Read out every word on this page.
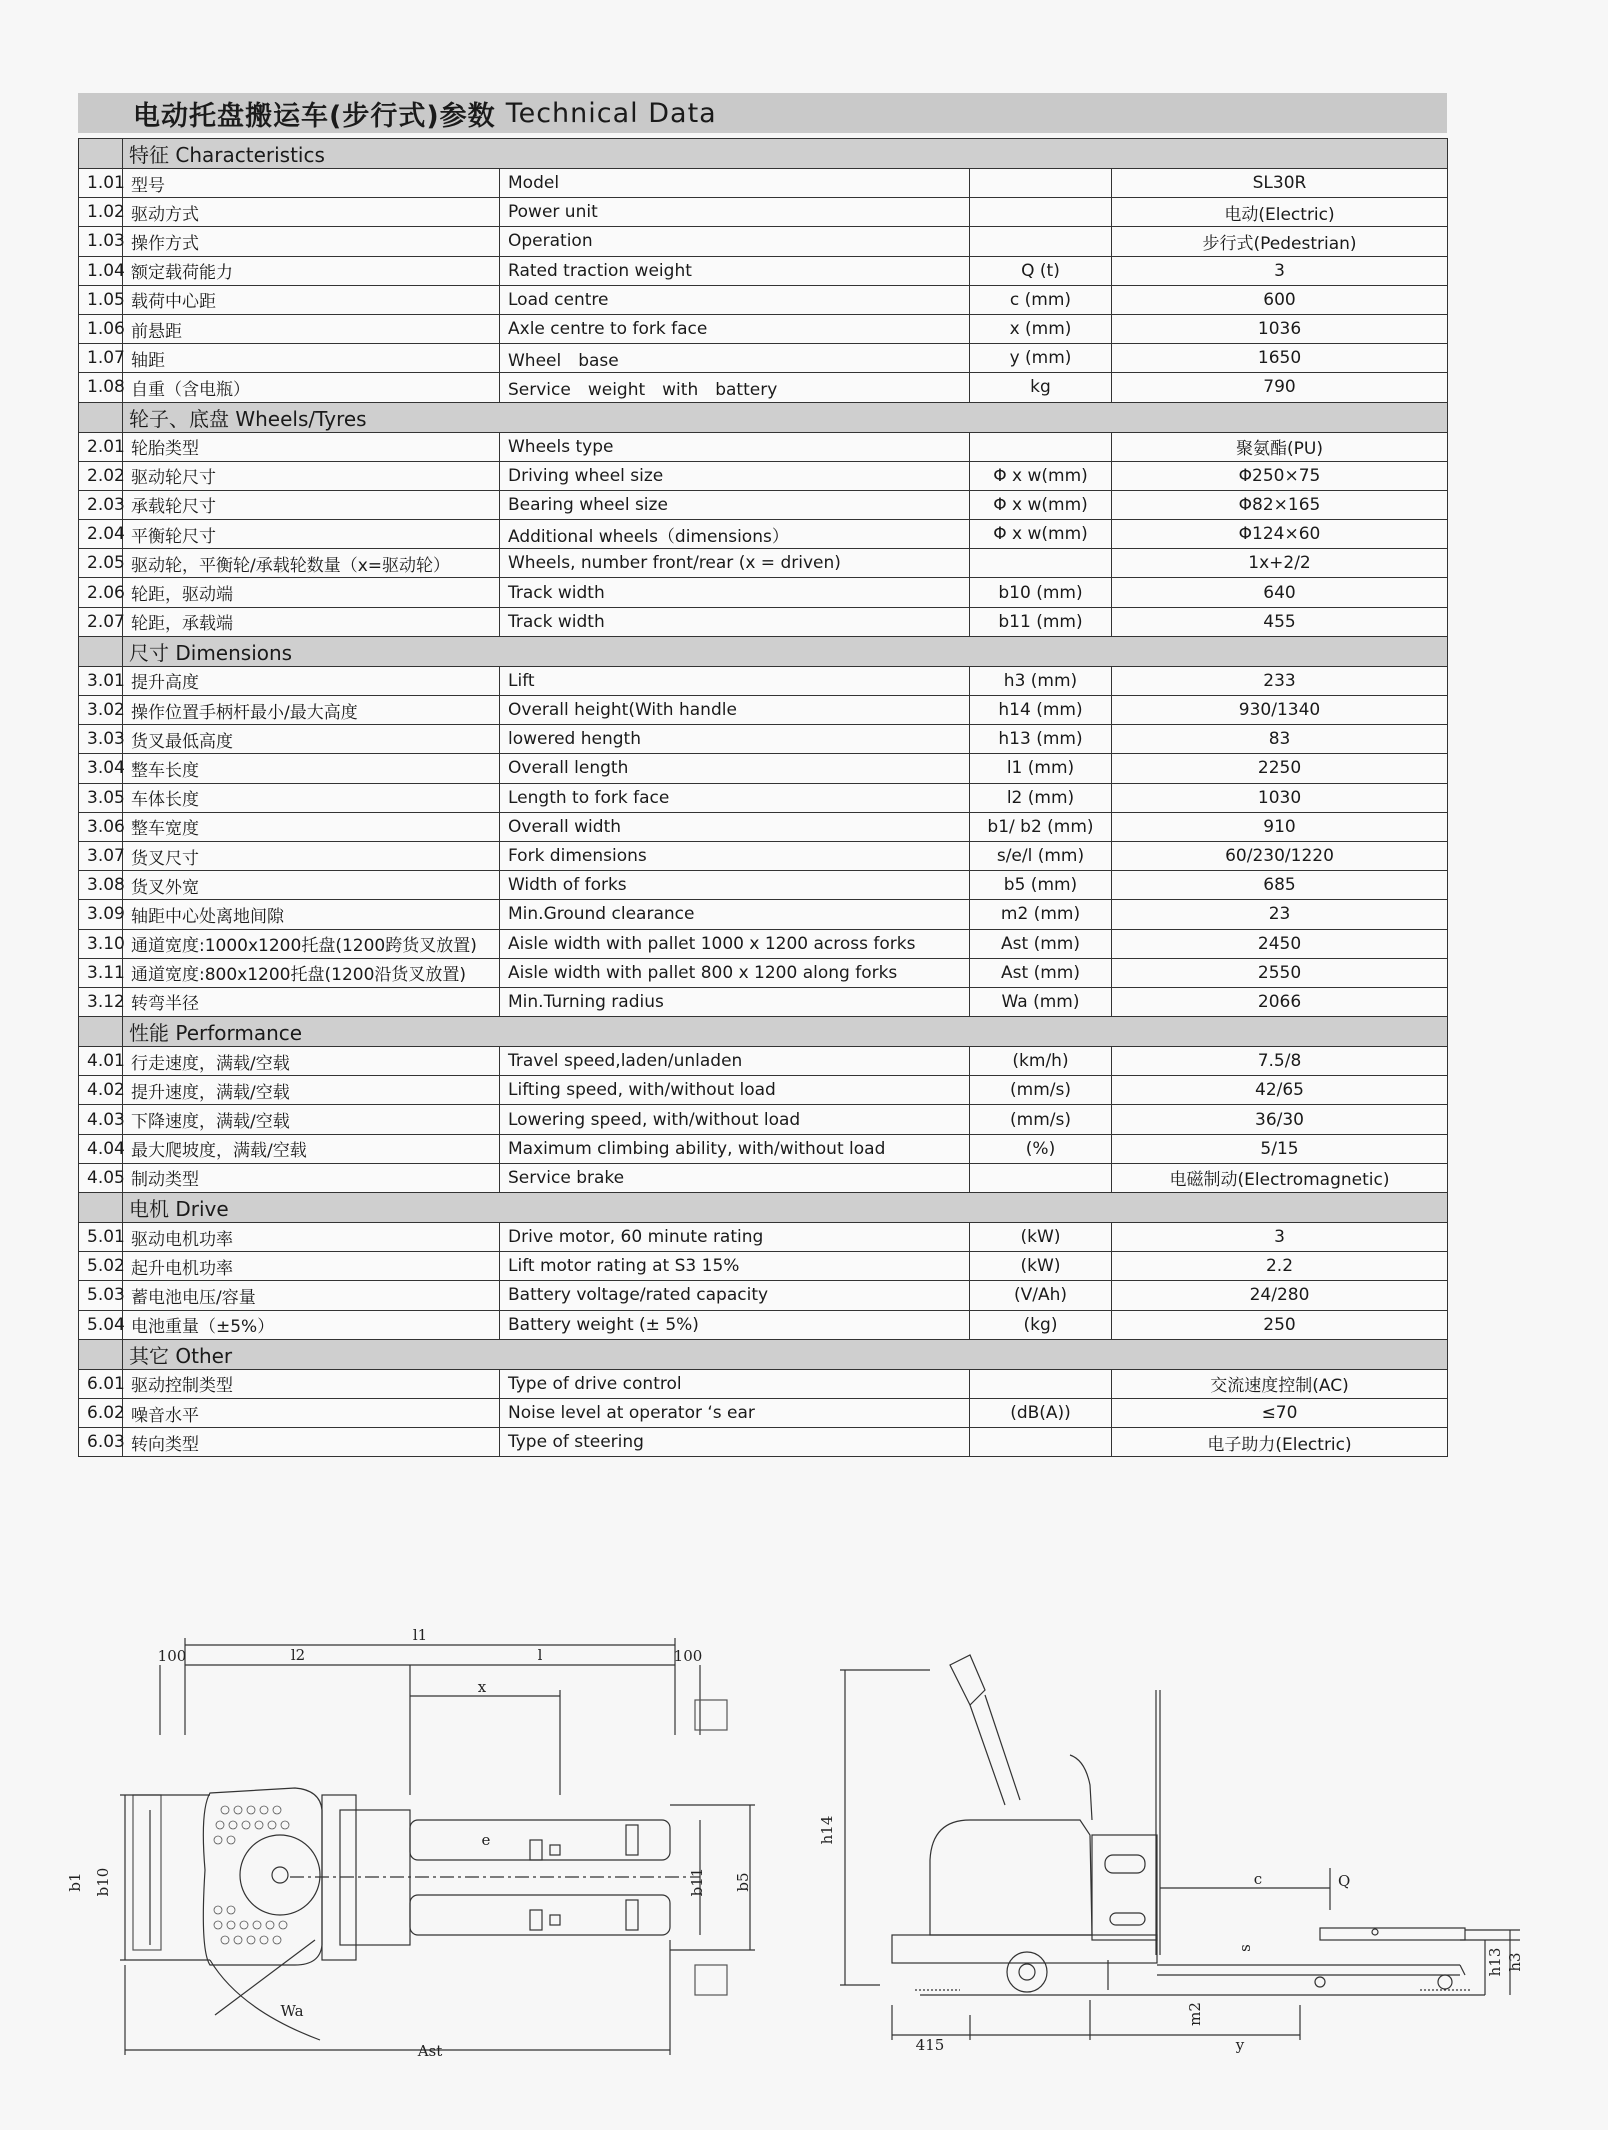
电动托盘搬运车(步行式)参数 Technical Data
	特征 Characteristics			
1.01	型号	Model		SL30R
1.02	驱动方式	Power unit		电动(Electric)
1.03	操作方式	Operation		步行式(Pedestrian)
1.04	额定载荷能力	Rated traction weight	Q (t)	3
1.05	载荷中心距	Load centre	c (mm)	600
1.06	前悬距	Axle centre to fork face	x (mm)	1036
1.07	轴距	Wheel　base	y (mm)	1650
1.08	自重（含电瓶）	Service　weight　with　battery	kg	790
	轮子、底盘 Wheels/Tyres			
2.01	轮胎类型	Wheels type		聚氨酯(PU)
2.02	驱动轮尺寸	Driving wheel size	Φ x w(mm)	Φ250×75
2.03	承载轮尺寸	Bearing wheel size	Φ x w(mm)	Φ82×165
2.04	平衡轮尺寸	Additional wheels（dimensions）	Φ x w(mm)	Φ124×60
2.05	驱动轮，平衡轮/承载轮数量（x=驱动轮）	Wheels, number front/rear (x = driven)		1x+2/2
2.06	轮距，驱动端	Track width	b10 (mm)	640
2.07	轮距，承载端	Track width	b11 (mm)	455
	尺寸 Dimensions			
3.01	提升高度	Lift	h3 (mm)	233
3.02	操作位置手柄杆最小/最大高度	Overall height(With handle	h14 (mm)	930/1340
3.03	货叉最低高度	lowered hength	h13 (mm)	83
3.04	整车长度	Overall length	l1 (mm)	2250
3.05	车体长度	Length to fork face	l2 (mm)	1030
3.06	整车宽度	Overall width	b1/ b2 (mm)	910
3.07	货叉尺寸	Fork dimensions	s/e/l (mm)	60/230/1220
3.08	货叉外宽	Width of forks	b5 (mm)	685
3.09	轴距中心处离地间隙	Min.Ground clearance	m2 (mm)	23
3.10	通道宽度:1000x1200托盘(1200跨货叉放置)	Aisle width with pallet 1000 x 1200 across forks	Ast (mm)	2450
3.11	通道宽度:800x1200托盘(1200沿货叉放置)	Aisle width with pallet 800 x 1200 along forks	Ast (mm)	2550
3.12	转弯半径	Min.Turning radius	Wa (mm)	2066
	性能 Performance			
4.01	行走速度，满载/空载	Travel speed,laden/unladen	(km/h)	7.5/8
4.02	提升速度，满载/空载	Lifting speed, with/without load	(mm/s)	42/65
4.03	下降速度，满载/空载	Lowering speed, with/without load	(mm/s)	36/30
4.04	最大爬坡度，满载/空载	Maximum climbing ability, with/without load	(%)	5/15
4.05	制动类型	Service brake		电磁制动(Electromagnetic)
	电机 Drive			
5.01	驱动电机功率	Drive motor, 60 minute rating	(kW)	3
5.02	起升电机功率	Lift motor rating at S3 15%	(kW)	2.2
5.03	蓄电池电压/容量	Battery voltage/rated capacity	(V/Ah)	24/280
5.04	电池重量（±5%）	Battery weight (± 5%)	(kg)	250
	其它 Other			
6.01	驱动控制类型	Type of drive control		交流速度控制(AC)
6.02	噪音水平	Noise level at operator ‘s ear	(dB(A))	≤70
6.03	转向类型	Type of steering		电子助力(Electric)
l1
l2	l
100	100
x
e
b1 b10	b11 b5
Wa
Ast
h14
c	Q
s	h13 h3
m2
y
415
